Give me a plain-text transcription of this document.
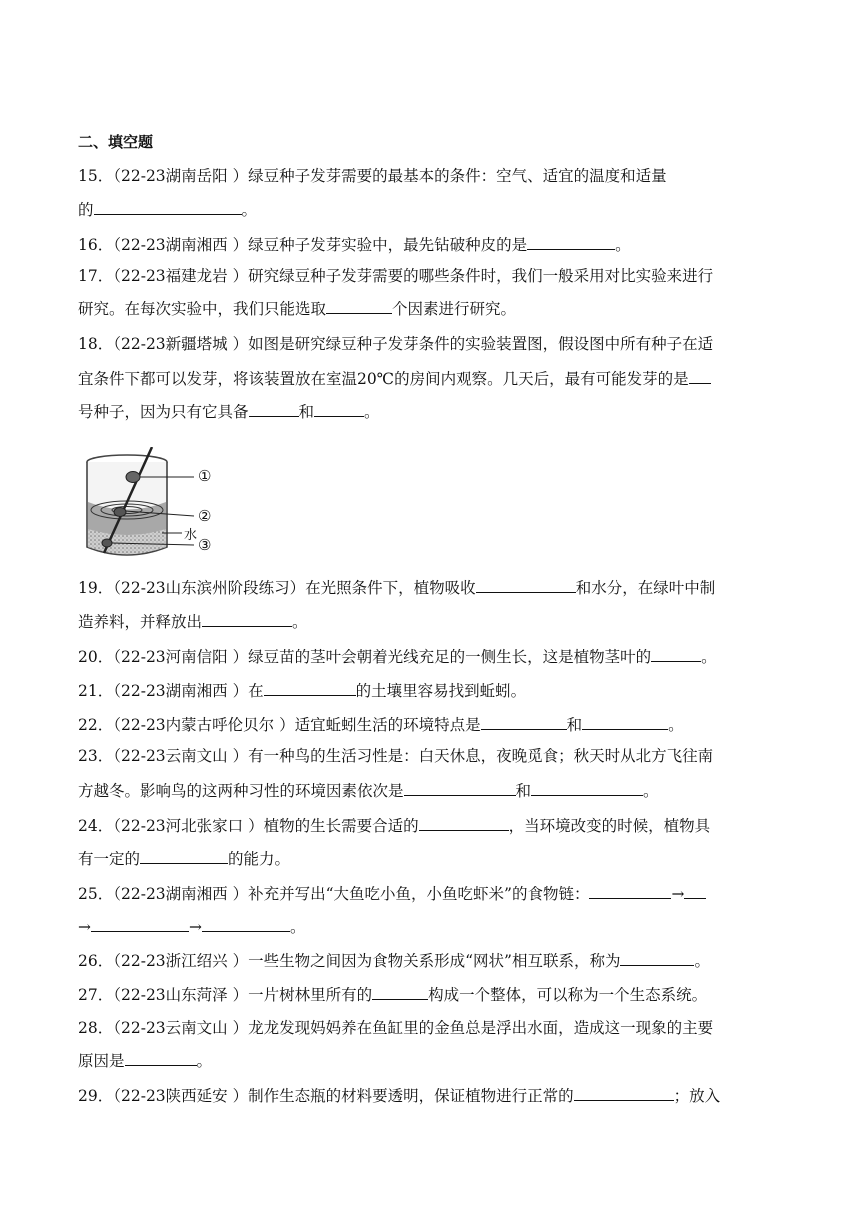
二、填空题
15．（22-23湖南岳阳 ）绿豆种子发芽需要的最基本的条件：空气、适宜的温度和适量
的	。
16．（22-23湖南湘西 ）绿豆种子发芽实验中，最先钻破种皮的是	。
17．（22-23福建龙岩 ）研究绿豆种子发芽需要的哪些条件时，我们一般采用对比实验来进行
研究。在每次实验中，我们只能选取	个因素进行研究。
18．（22-23新疆塔城 ）如图是研究绿豆种子发芽条件的实验装置图，假设图中所有种子在适
宜条件下都可以发芽，将该装置放在室温20℃的房间内观察。几天后，最有可能发芽的是
号种子，因为只有它具备	和	。
①
②
水
③
19．（22-23山东滨州阶段练习）在光照条件下，植物吸收	和水分，在绿叶中制
造养料，并释放出	。
20．（22-23河南信阳 ）绿豆苗的茎叶会朝着光线充足的一侧生长，这是植物茎叶的	。
21．（22-23湖南湘西 ）在	的土壤里容易找到蚯蚓。
22．（22-23内蒙古呼伦贝尔 ）适宜蚯蚓生活的环境特点是	和	。
23．（22-23云南文山 ）有一种鸟的生活习性是：白天休息，夜晚觅食；秋天时从北方飞往南
方越冬。影响鸟的这两种习性的环境因素依次是	和	。
24．（22-23河北张家口 ）植物的生长需要合适的	，当环境改变的时候，植物具
有一定的	的能力。
25．（22-23湖南湘西 ）补充并写出“大鱼吃小鱼，小鱼吃虾米”的食物链：	→
→	→	。
26．（22-23浙江绍兴 ）一些生物之间因为食物关系形成“网状”相互联系，称为	。
27．（22-23山东菏泽 ）一片树林里所有的	构成一个整体，可以称为一个生态系统。
28．（22-23云南文山 ）龙龙发现妈妈养在鱼缸里的金鱼总是浮出水面，造成这一现象的主要
原因是	。
29．（22-23陕西延安 ）制作生态瓶的材料要透明，保证植物进行正常的	；放入
